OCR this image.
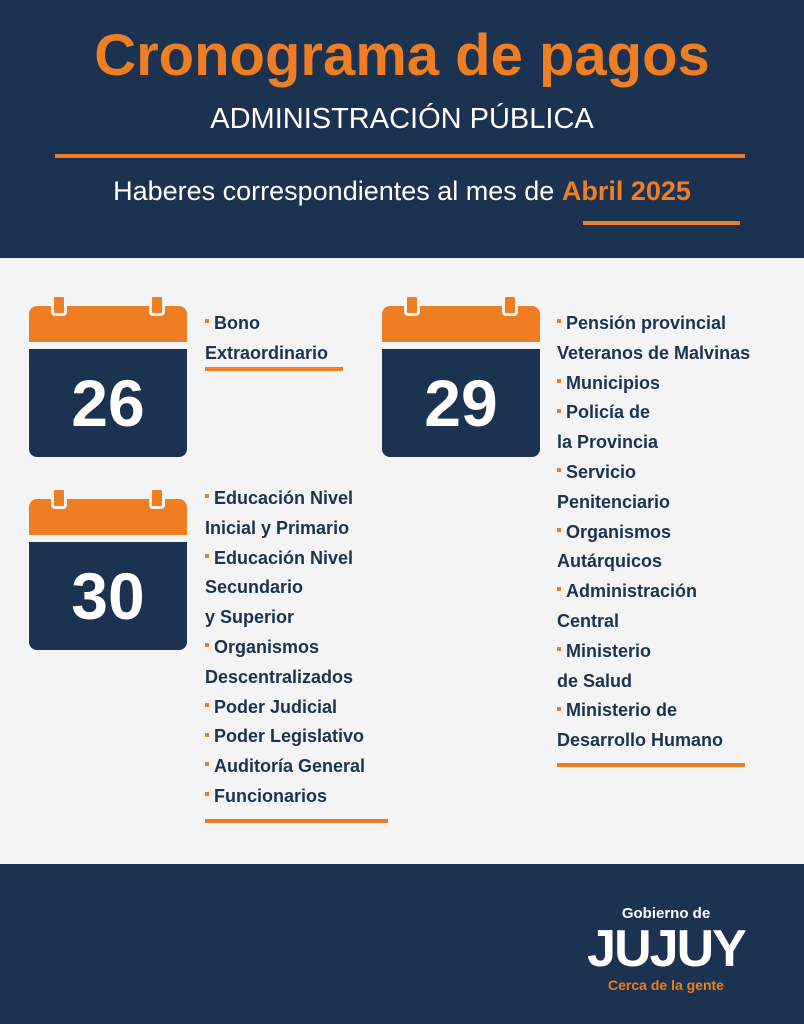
Cronograma de pagos
ADMINISTRACIÓN PÚBLICA
Haberes correspondientes al mes de Abril 2025
26
Bono
Extraordinario
29
Pensión provincial
Veteranos de Malvinas
Municipios
Policía de
la Provincia
Servicio
Penitenciario
Organismos
Autárquicos
Administración
Central
Ministerio
de Salud
Ministerio de
Desarrollo Humano
30
Educación Nivel
Inicial y Primario
Educación Nivel
Secundario
y Superior
Organismos
Descentralizados
Poder Judicial
Poder Legislativo
Auditoría General
Funcionarios
Gobierno de
JUJUY
Cerca de la gente
